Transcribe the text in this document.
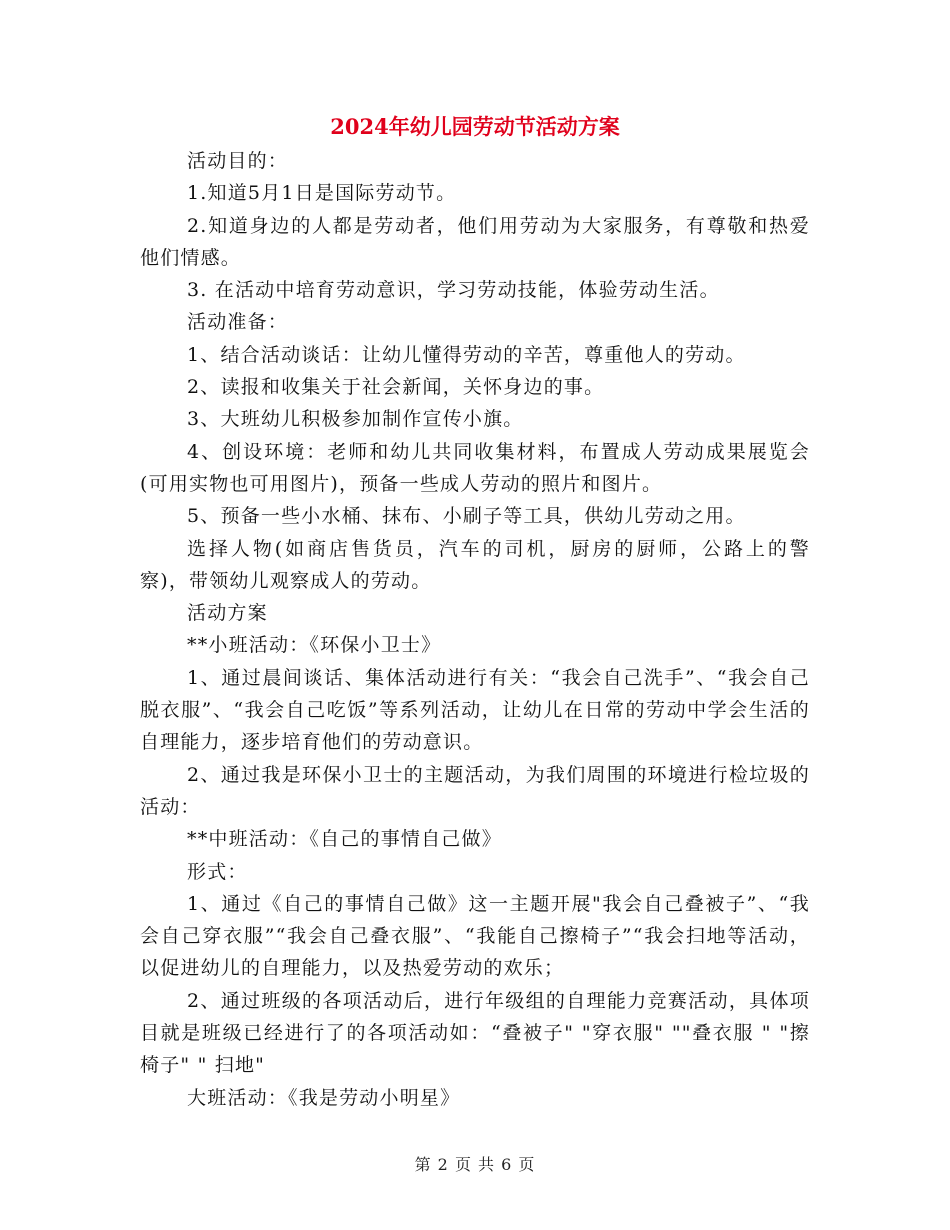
2024年幼儿园劳动节活动方案

活动目的：

1.知道5月1日是国际劳动节。

2.知道身边的人都是劳动者，他们用劳动为大家服务，有尊敬和热爱他们情感。

3. 在活动中培育劳动意识，学习劳动技能，体验劳动生活。

活动准备：

1、结合活动谈话：让幼儿懂得劳动的辛苦，尊重他人的劳动。

2、读报和收集关于社会新闻，关怀身边的事。

3、大班幼儿积极参加制作宣传小旗。

4、创设环境：老师和幼儿共同收集材料，布置成人劳动成果展览会(可用实物也可用图片)，预备一些成人劳动的照片和图片。

5、预备一些小水桶、抹布、小刷子等工具，供幼儿劳动之用。

选择人物(如商店售货员，汽车的司机，厨房的厨师，公路上的警察)，带领幼儿观察成人的劳动。

活动方案

**小班活动：《环保小卫士》

1、通过晨间谈话、集体活动进行有关：“我会自己洗手”、“我会自己脱衣服”、“我会自己吃饭”等系列活动，让幼儿在日常的劳动中学会生活的自理能力，逐步培育他们的劳动意识。

2、通过我是环保小卫士的主题活动，为我们周围的环境进行检垃圾的活动：

**中班活动：《自己的事情自己做》

形式：

1、通过《自己的事情自己做》这一主题开展"我会自己叠被子”、“我会自己穿衣服”“我会自己叠衣服”、“我能自己擦椅子”“我会扫地等活动，以促进幼儿的自理能力，以及热爱劳动的欢乐；

2、通过班级的各项活动后，进行年级组的自理能力竞赛活动，具体项目就是班级已经进行了的各项活动如：“叠被子" "穿衣服" ""叠衣服 " "擦椅子" " 扫地"

大班活动：《我是劳动小明星》

第 2 页 共 6 页
